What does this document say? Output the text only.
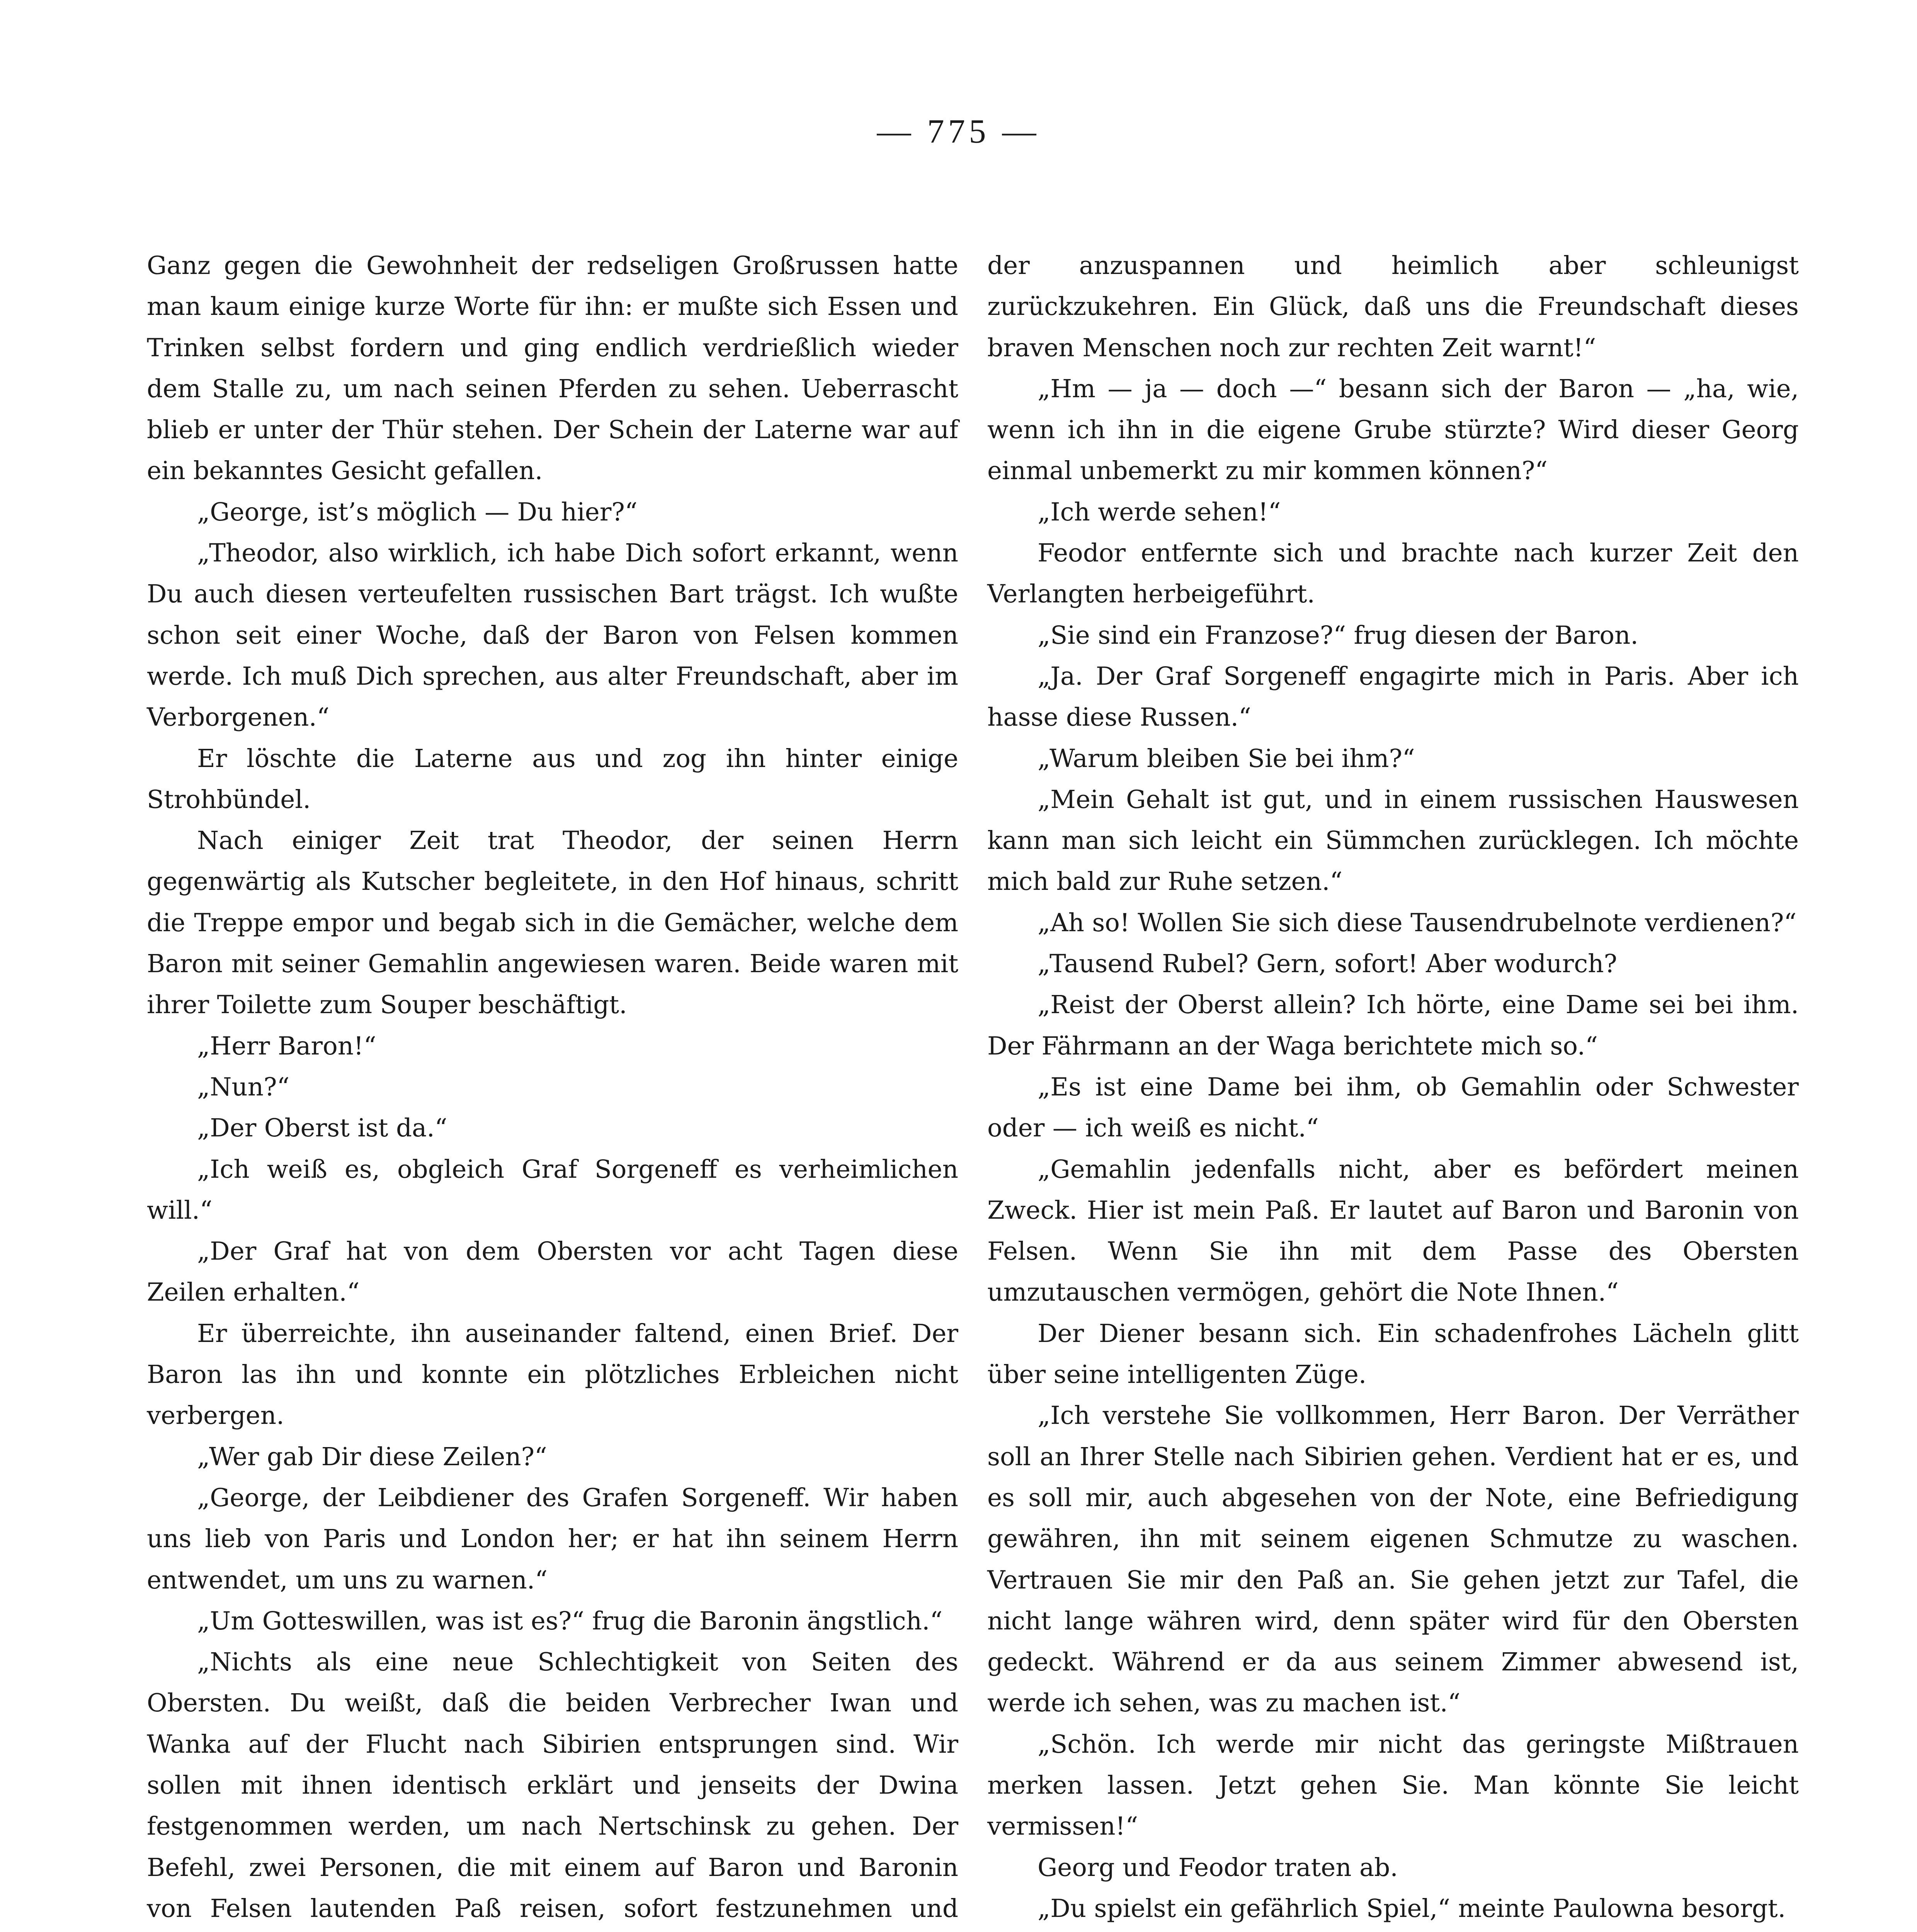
— 775 —

Ganz gegen die Gewohnheit der redseligen Großrussen hatte man kaum einige kurze Worte für ihn: er mußte sich Essen und Trinken selbst fordern und ging endlich verdrießlich wieder dem Stalle zu, um nach seinen Pferden zu sehen. Ueberrascht blieb er unter der Thür stehen. Der Schein der Laterne war auf ein bekanntes Gesicht gefallen.

„George, ist’s möglich — Du hier?“

„Theodor, also wirklich, ich habe Dich sofort erkannt, wenn Du auch diesen verteufelten russischen Bart trägst. Ich wußte schon seit einer Woche, daß der Baron von Felsen kommen werde. Ich muß Dich sprechen, aus alter Freundschaft, aber im Verborgenen.“

Er löschte die Laterne aus und zog ihn hinter einige Strohbündel.

Nach einiger Zeit trat Theodor, der seinen Herrn gegenwärtig als Kutscher begleitete, in den Hof hinaus, schritt die Treppe empor und begab sich in die Gemächer, welche dem Baron mit seiner Gemahlin angewiesen waren. Beide waren mit ihrer Toilette zum Souper beschäftigt.

„Herr Baron!“

„Nun?“

„Der Oberst ist da.“

„Ich weiß es, obgleich Graf Sorgeneff es verheimlichen will.“

„Der Graf hat von dem Obersten vor acht Tagen diese Zeilen erhalten.“

Er überreichte, ihn auseinander faltend, einen Brief. Der Baron las ihn und konnte ein plötzliches Erbleichen nicht verbergen.

„Wer gab Dir diese Zeilen?“

„George, der Leibdiener des Grafen Sorgeneff. Wir haben uns lieb von Paris und London her; er hat ihn seinem Herrn entwendet, um uns zu warnen.“

„Um Gotteswillen, was ist es?“ frug die Baronin ängstlich.“

„Nichts als eine neue Schlechtigkeit von Seiten des Obersten. Du weißt, daß die beiden Verbrecher Iwan und Wanka auf der Flucht nach Sibirien entsprungen sind. Wir sollen mit ihnen identisch erklärt und jenseits der Dwina festgenommen werden, um nach Nertschinsk zu gehen. Der Befehl, zwei Personen, die mit einem auf Baron und Baronin von Felsen lautenden Paß reisen, sofort festzunehmen und

der anzuspannen und heimlich aber schleunigst zurückzukehren. Ein Glück, daß uns die Freundschaft dieses braven Menschen noch zur rechten Zeit warnt!“

„Hm — ja — doch —“ besann sich der Baron — „ha, wie, wenn ich ihn in die eigene Grube stürzte? Wird dieser Georg einmal unbemerkt zu mir kommen können?“

„Ich werde sehen!“

Feodor entfernte sich und brachte nach kurzer Zeit den Verlangten herbeigeführt.

„Sie sind ein Franzose?“ frug diesen der Baron.

„Ja. Der Graf Sorgeneff engagirte mich in Paris. Aber ich hasse diese Russen.“

„Warum bleiben Sie bei ihm?“

„Mein Gehalt ist gut, und in einem russischen Hauswesen kann man sich leicht ein Sümmchen zurücklegen. Ich möchte mich bald zur Ruhe setzen.“

„Ah so! Wollen Sie sich diese Tausendrubelnote verdienen?“

„Tausend Rubel? Gern, sofort! Aber wodurch?

„Reist der Oberst allein? Ich hörte, eine Dame sei bei ihm. Der Fährmann an der Waga berichtete mich so.“

„Es ist eine Dame bei ihm, ob Gemahlin oder Schwester oder — ich weiß es nicht.“

„Gemahlin jedenfalls nicht, aber es befördert meinen Zweck. Hier ist mein Paß. Er lautet auf Baron und Baronin von Felsen. Wenn Sie ihn mit dem Passe des Obersten umzutauschen vermögen, gehört die Note Ihnen.“

Der Diener besann sich. Ein schadenfrohes Lächeln glitt über seine intelligenten Züge.

„Ich verstehe Sie vollkommen, Herr Baron. Der Verräther soll an Ihrer Stelle nach Sibirien gehen. Verdient hat er es, und es soll mir, auch abgesehen von der Note, eine Befriedigung gewähren, ihn mit seinem eigenen Schmutze zu waschen. Vertrauen Sie mir den Paß an. Sie gehen jetzt zur Tafel, die nicht lange währen wird, denn später wird für den Obersten gedeckt. Während er da aus seinem Zimmer abwesend ist, werde ich sehen, was zu machen ist.“

„Schön. Ich werde mir nicht das geringste Mißtrauen merken lassen. Jetzt gehen Sie. Man könnte Sie leicht vermissen!“

Georg und Feodor traten ab.

„Du spielst ein gefährlich Spiel,“ meinte Paulowna besorgt.
